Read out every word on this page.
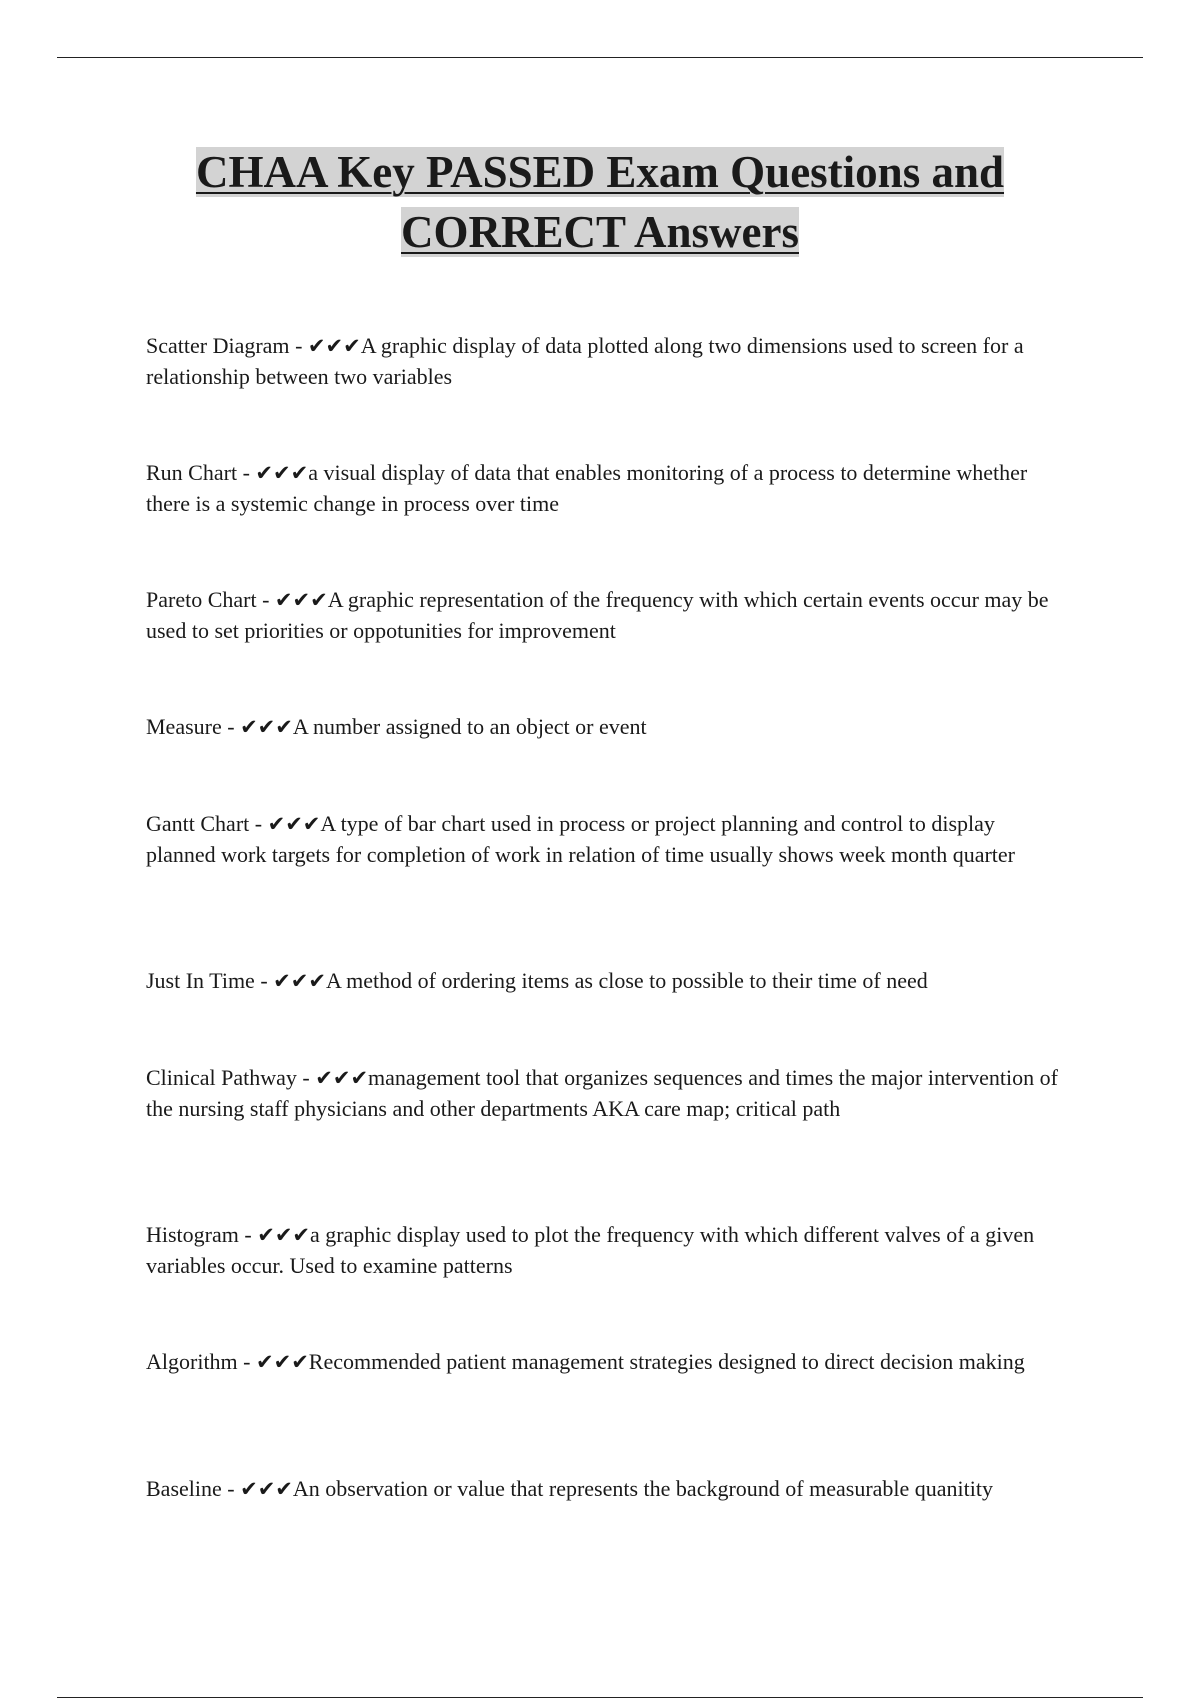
CHAA Key PASSED Exam Questions and
CORRECT Answers

Scatter Diagram - ✔✔✔A graphic display of data plotted along two dimensions used to screen for a relationship between two variables

Run Chart - ✔✔✔a visual display of data that enables monitoring of a process to determine whether there is a systemic change in process over time

Pareto Chart - ✔✔✔A graphic representation of the frequency with which certain events occur may be used to set priorities or oppotunities for improvement

Measure - ✔✔✔A number assigned to an object or event

Gantt Chart - ✔✔✔A type of bar chart used in process or project planning and control to display planned work targets for completion of work in relation of time usually shows week month quarter

Just In Time - ✔✔✔A method of ordering items as close to possible to their time of need

Clinical Pathway - ✔✔✔management tool that organizes sequences and times the major intervention of the nursing staff physicians and other departments AKA care map; critical path

Histogram - ✔✔✔a graphic display used to plot the frequency with which different valves of a given variables occur. Used to examine patterns

Algorithm - ✔✔✔Recommended patient management strategies designed to direct decision making

Baseline - ✔✔✔An observation or value that represents the background of measurable quanitity
